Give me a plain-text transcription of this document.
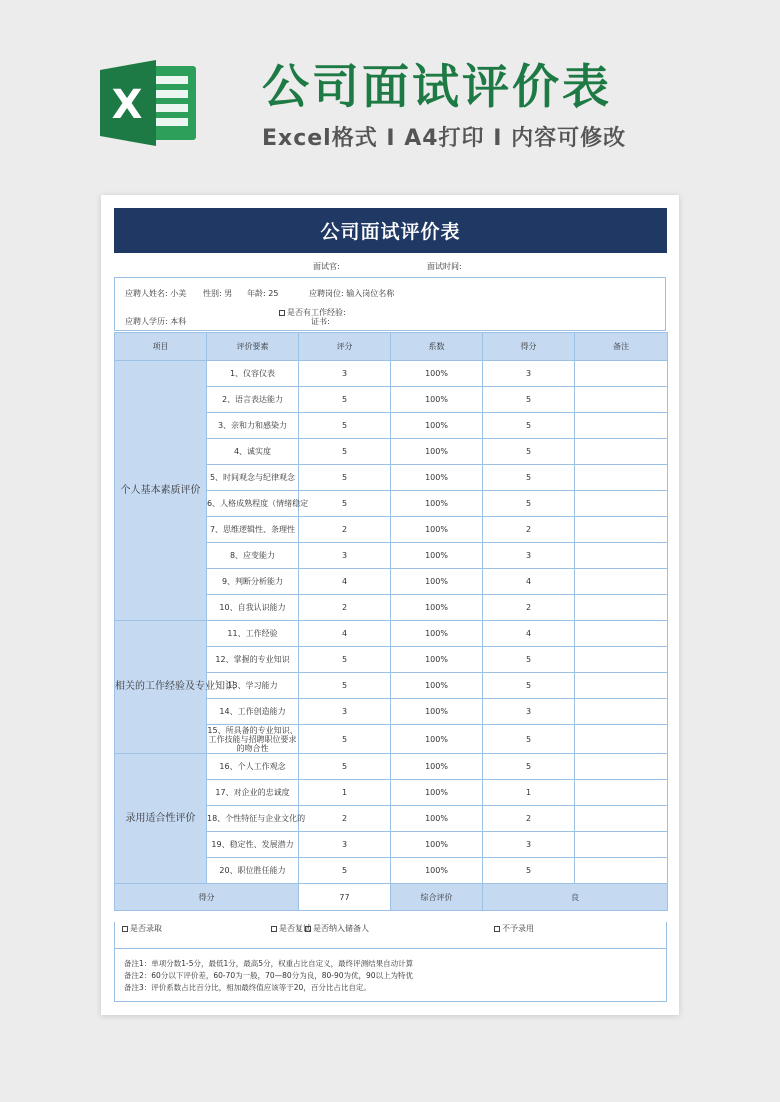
X	公司面试评价表
Excel格式 I A4打印 I 内容可修改
公司面试评价表
面试官:	面试时间:
应聘人姓名: 小美 性别: 男 年龄: 25	应聘岗位: 输入岗位名称
是否有工作经验:
证书:
应聘人学历: 本科
项目	评价要素	评分	系数	得分	备注
个人基本素质评价	1、仪容仪表	3	100%	3	
	2、语言表达能力	5	100%	5	
	3、亲和力和感染力	5	100%	5	
	4、诚实度	5	100%	5	
	5、时间观念与纪律观念	5	100%	5	
	6、人格成熟程度（情绪稳定	5	100%	5	
	7、思维逻辑性、条理性	2	100%	2	
	8、应变能力	3	100%	3	
	9、判断分析能力	4	100%	4	
	10、自我认识能力	2	100%	2	
相关的工作经验及专业知识	11、工作经验	4	100%	4	
	12、掌握的专业知识	5	100%	5	
	13、学习能力	5	100%	5	
	14、工作创造能力	3	100%	3	
	15、所具备的专业知识、工作技能与招聘职位要求的吻合性	5	100%	5	
录用适合性评价	16、个人工作观念	5	100%	5	
	17、对企业的忠诚度	1	100%	1	
	18、个性特征与企业文化的	2	100%	2	
	19、稳定性、发展潜力	3	100%	3	
	20、职位胜任能力	5	100%	5	
得分		77	综合评价	良	
是否录取	是否复试 是否纳入储备人	不予录用
备注1：单项分数1-5分，最低1分，最高5分，权重占比自定义，最终评测结果自动计算
备注2：60分以下评价差，60-70为一般，70—80分为良，80-90为优，90以上为特优
备注3：评价系数占比百分比，相加最终值应该等于20，百分比占比自定。
